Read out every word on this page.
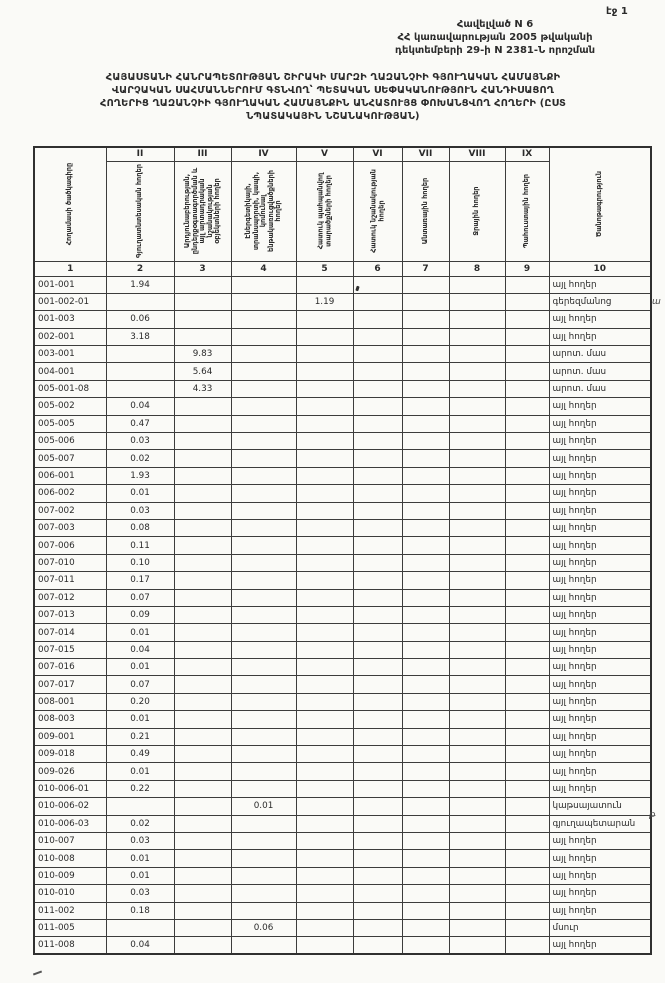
էջ 1
Հավելված N 6
ՀՀ կառավարության 2005 թվականի
դեկտեմբերի 29-ի N 2381-Ն որոշման
ՀԱՅԱՍՏԱՆԻ ՀԱՆՐԱՊԵՏՈՒԹՅԱՆ ՇԻՐԱԿԻ ՄԱՐԶԻ ՂԱԶԱՆՉԻԻ ԳՅՈՒՂԱԿԱՆ ՀԱՄԱՅՆՔԻ
ՎԱՐՉԱԿԱՆ ՍԱՀՄԱՆՆԵՐՈՒՄ ԳՏՆՎՈՂ՝ ՊԵՏԱԿԱՆ ՍԵՓԱԿԱՆՈՒԹՅՈՒՆ ՀԱՆԴԻՍԱՑՈՂ
ՀՈՂԵՐԻՑ ՂԱԶԱՆՉԻԻ ԳՅՈՒՂԱԿԱՆ ՀԱՄԱՅՆՔԻՆ ԱՆՀԱՏՈՒՅՑ ՓՈԽԱՆՑՎՈՂ ՀՈՂԵՐԻ (ԸՍՏ
ՆՊԱՏԱԿԱՅԻՆ ՆՇԱՆԱԿՈՒԹՅԱՆ)
Հողամասի ծածկագիրը	II	III	IV	V	VI	VII	VIII	IX	Ծանոթագրություն

	Գյուղատնտեսական հողեր	Արդյունաբերության, ընդերքօգտագործման և այլ արտադրական նշանակության օբյեկտների հողեր	Էներգետիկայի, տրանսպորտի, կապի, կոմունալ ենթակառուցվածքների հողեր	Հատուկ պահպանվող տարածքների հողեր	Հատուկ նշանակության հողեր	Անտառային հողեր	Ջրային հողեր	Պահուստային հողեր	

1	2	3	4	5	6	7	8	9	10
001-001	1.94								այլ հողեր
001-002-01				1.19					գերեզմանոց
001-003	0.06								այլ հողեր
002-001	3.18								այլ հողեր
003-001		9.83							արոտ. մաս
004-001		5.64							արոտ. մաս
005-001-08		4.33							արոտ. մաս
005-002	0.04								այլ հողեր
005-005	0.47								այլ հողեր
005-006	0.03								այլ հողեր
005-007	0.02								այլ հողեր
006-001	1.93								այլ հողեր
006-002	0.01								այլ հողեր
007-002	0.03								այլ հողեր
007-003	0.08								այլ հողեր
007-006	0.11								այլ հողեր
007-010	0.10								այլ հողեր
007-011	0.17								այլ հողեր
007-012	0.07								այլ հողեր
007-013	0.09								այլ հողեր
007-014	0.01								այլ հողեր
007-015	0.04								այլ հողեր
007-016	0.01								այլ հողեր
007-017	0.07								այլ հողեր
008-001	0.20								այլ հողեր
008-003	0.01								այլ հողեր
009-001	0.21								այլ հողեր
009-018	0.49								այլ հողեր
009-026	0.01								այլ հողեր
010-006-01	0.22								այլ հողեր
010-006-02			0.01						կաթսայատուն
010-006-03	0.02								գյուղապետարան
010-007	0.03								այլ հողեր
010-008	0.01								այլ հողեր
010-009	0.01								այլ հողեր
010-010	0.03								այլ հողեր
011-002	0.18								այլ հողեր
011-005			0.06						մսուր
011-008	0.04								այլ հողեր
ա
թ
